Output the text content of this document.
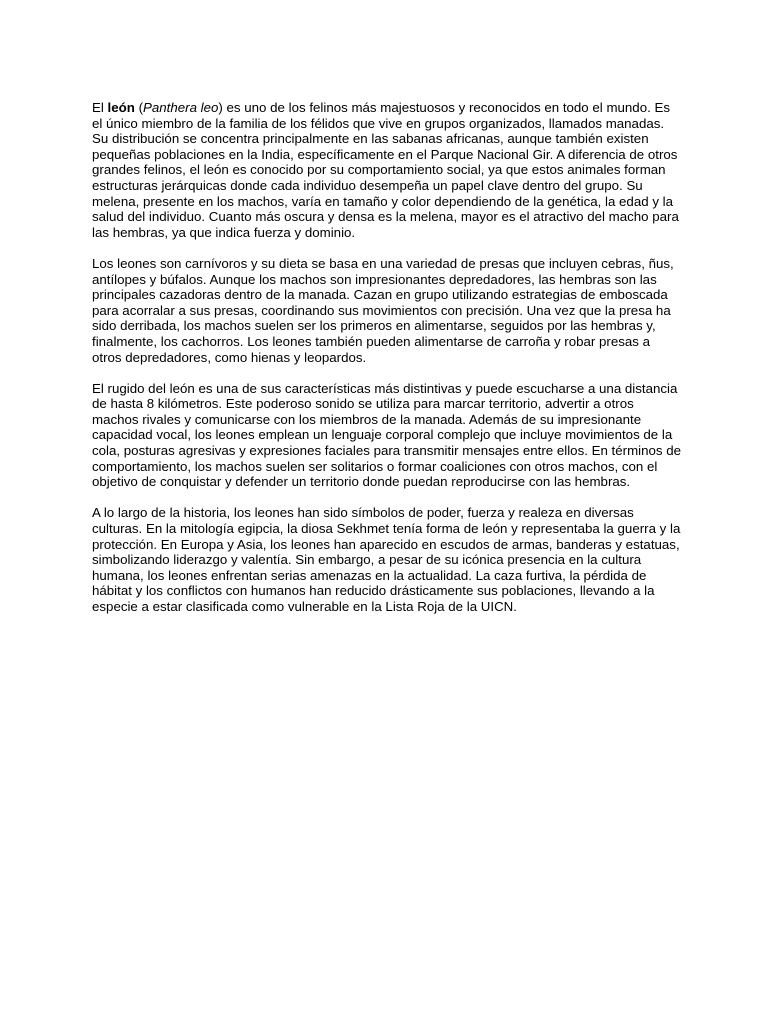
El león (Panthera leo) es uno de los felinos más majestuosos y reconocidos en todo el mundo. Es el único miembro de la familia de los félidos que vive en grupos organizados, llamados manadas. Su distribución se concentra principalmente en las sabanas africanas, aunque también existen pequeñas poblaciones en la India, específicamente en el Parque Nacional Gir. A diferencia de otros grandes felinos, el león es conocido por su comportamiento social, ya que estos animales forman estructuras jerárquicas donde cada individuo desempeña un papel clave dentro del grupo. Su melena, presente en los machos, varía en tamaño y color dependiendo de la genética, la edad y la salud del individuo. Cuanto más oscura y densa es la melena, mayor es el atractivo del macho para las hembras, ya que indica fuerza y dominio.

Los leones son carnívoros y su dieta se basa en una variedad de presas que incluyen cebras, ñus, antílopes y búfalos. Aunque los machos son impresionantes depredadores, las hembras son las principales cazadoras dentro de la manada. Cazan en grupo utilizando estrategias de emboscada para acorralar a sus presas, coordinando sus movimientos con precisión. Una vez que la presa ha sido derribada, los machos suelen ser los primeros en alimentarse, seguidos por las hembras y, finalmente, los cachorros. Los leones también pueden alimentarse de carroña y robar presas a otros depredadores, como hienas y leopardos.

El rugido del león es una de sus características más distintivas y puede escucharse a una distancia de hasta 8 kilómetros. Este poderoso sonido se utiliza para marcar territorio, advertir a otros machos rivales y comunicarse con los miembros de la manada. Además de su impresionante capacidad vocal, los leones emplean un lenguaje corporal complejo que incluye movimientos de la cola, posturas agresivas y expresiones faciales para transmitir mensajes entre ellos. En términos de comportamiento, los machos suelen ser solitarios o formar coaliciones con otros machos, con el objetivo de conquistar y defender un territorio donde puedan reproducirse con las hembras.

A lo largo de la historia, los leones han sido símbolos de poder, fuerza y realeza en diversas culturas. En la mitología egipcia, la diosa Sekhmet tenía forma de león y representaba la guerra y la protección. En Europa y Asia, los leones han aparecido en escudos de armas, banderas y estatuas, simbolizando liderazgo y valentía. Sin embargo, a pesar de su icónica presencia en la cultura humana, los leones enfrentan serias amenazas en la actualidad. La caza furtiva, la pérdida de hábitat y los conflictos con humanos han reducido drásticamente sus poblaciones, llevando a la especie a estar clasificada como vulnerable en la Lista Roja de la UICN.
